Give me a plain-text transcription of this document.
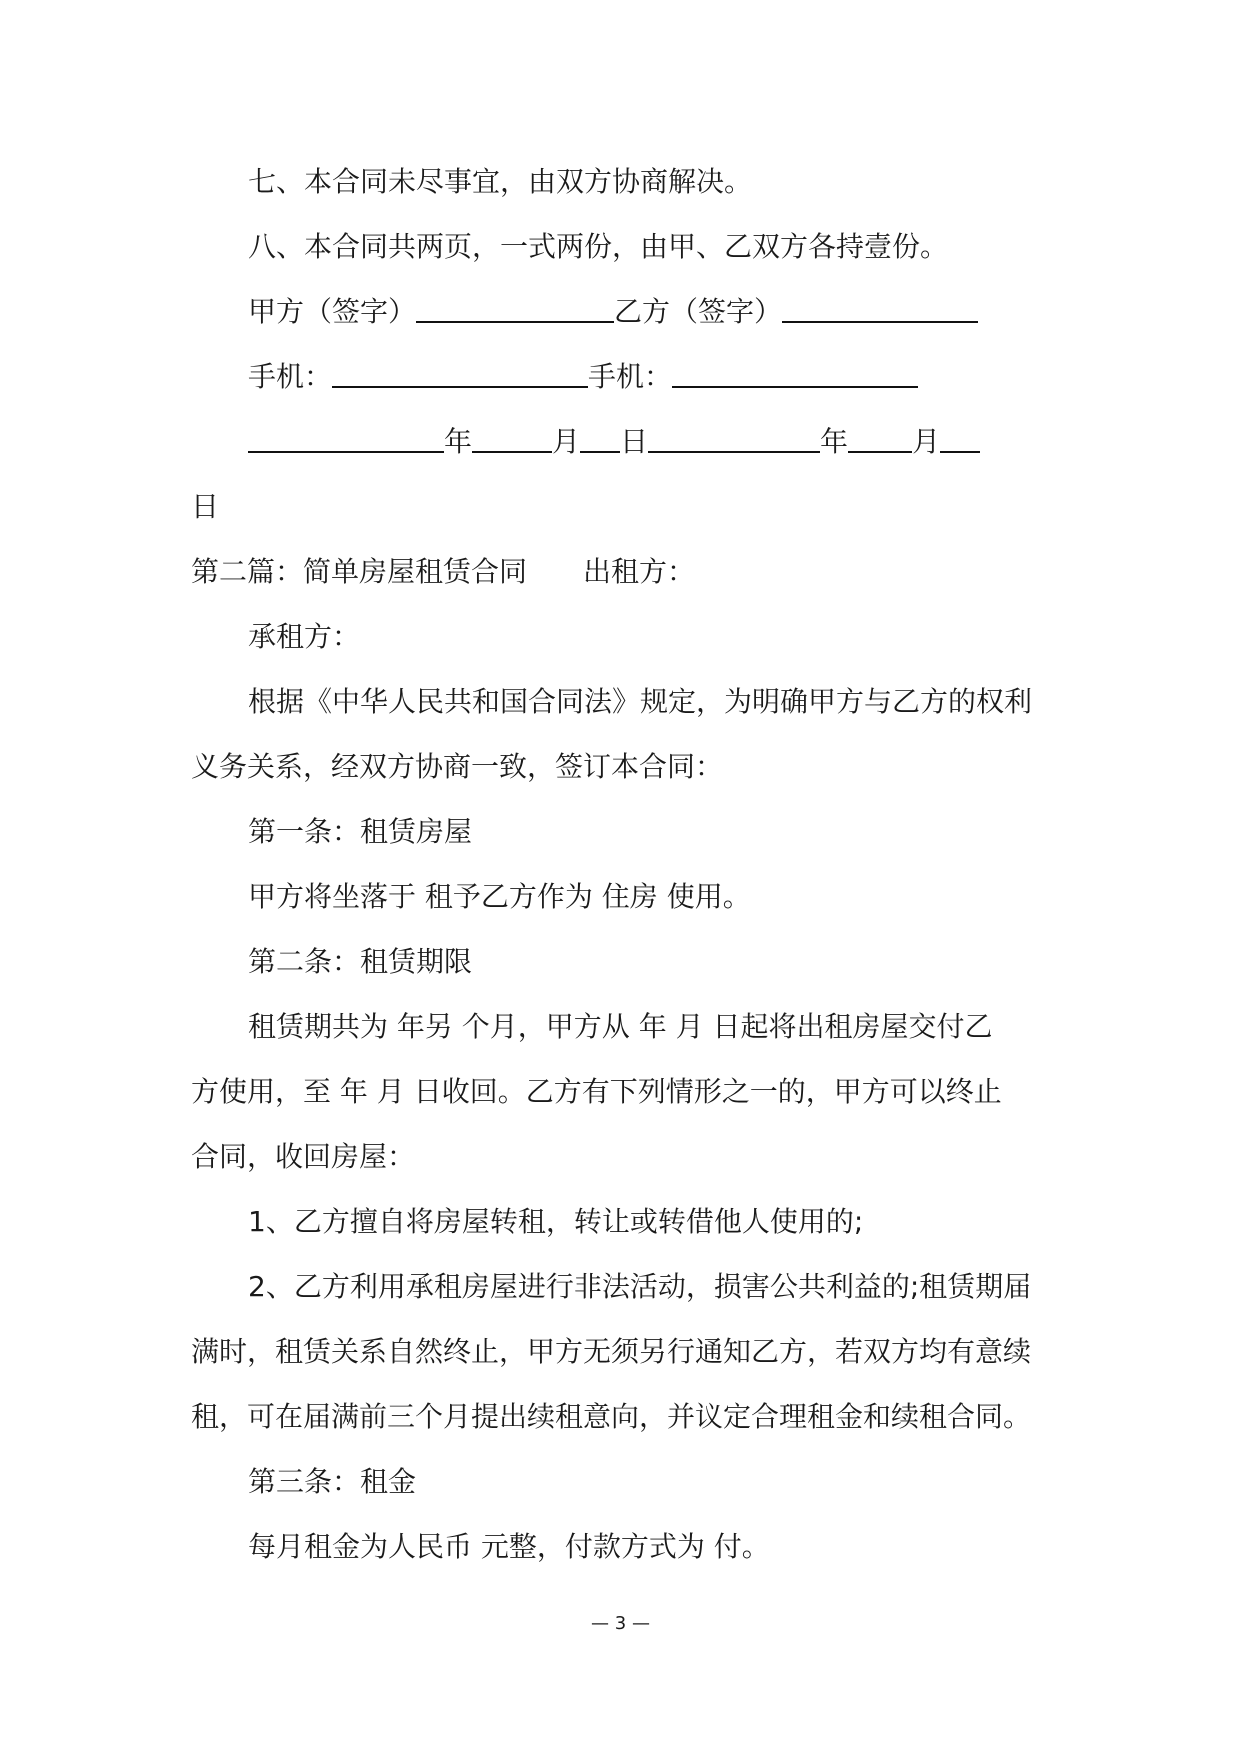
七、本合同未尽事宜，由双方协商解决。
八、本合同共两页，一式两份，由甲、乙双方各持壹份。
甲方（签字）	乙方（签字）
手机：	手机：
年	月 日	年 月
日
第二篇：简单房屋租赁合同 出租方：
承租方：
根据《中华人民共和国合同法》规定，为明确甲方与乙方的权利
义务关系，经双方协商一致，签订本合同：
第一条：租赁房屋
甲方将坐落于 租予乙方作为 住房 使用。
第二条：租赁期限
租赁期共为 年另 个月，甲方从 年 月 日起将出租房屋交付乙
方使用，至 年 月 日收回。乙方有下列情形之一的，甲方可以终止
合同，收回房屋：
1、乙方擅自将房屋转租，转让或转借他人使用的;
2、乙方利用承租房屋进行非法活动，损害公共利益的;租赁期届
满时，租赁关系自然终止，甲方无须另行通知乙方，若双方均有意续
租，可在届满前三个月提出续租意向，并议定合理租金和续租合同。
第三条：租金
每月租金为人民币 元整，付款方式为 付。
— 3 —
